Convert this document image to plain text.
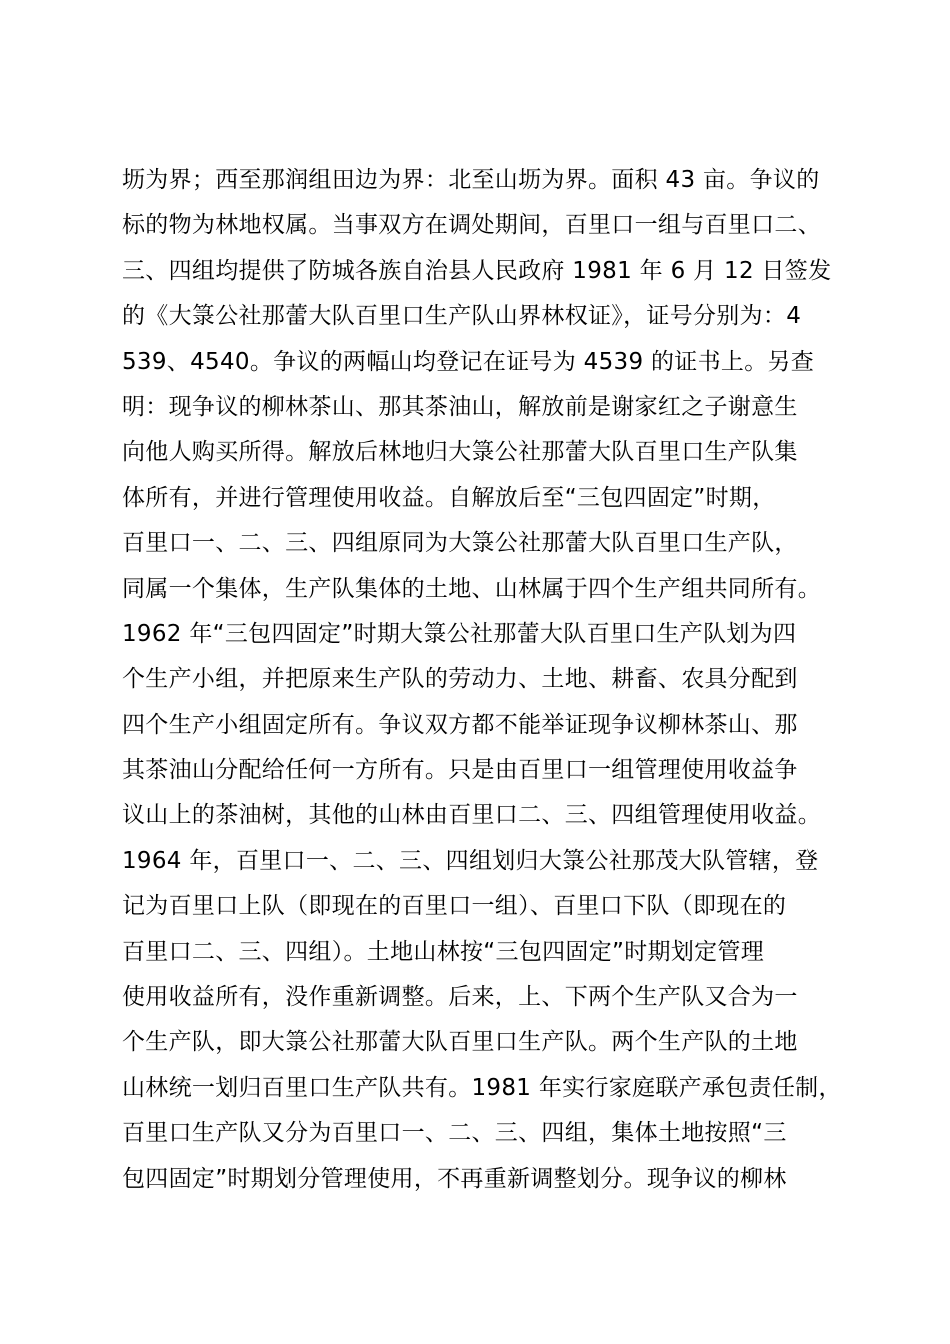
坜为界；西至那润组田边为界：北至山坜为界。面积 43 亩。争议的
标的物为林地权属。当事双方在调处期间，百里口一组与百里口二、
三、四组均提供了防城各族自治县人民政府 1981 年 6 月 12 日签发
的《大箓公社那蕾大队百里口生产队山界林权证》，证号分别为：4
539、4540。争议的两幅山均登记在证号为 4539 的证书上。另查
明：现争议的柳林茶山、那其茶油山，解放前是谢家红之子谢意生
向他人购买所得。解放后林地归大箓公社那蕾大队百里口生产队集
体所有，并进行管理使用收益。自解放后至“三包四固定”时期，
百里口一、二、三、四组原同为大箓公社那蕾大队百里口生产队，
同属一个集体，生产队集体的土地、山林属于四个生产组共同所有。
1962 年“三包四固定”时期大箓公社那蕾大队百里口生产队划为四
个生产小组，并把原来生产队的劳动力、土地、耕畜、农具分配到
四个生产小组固定所有。争议双方都不能举证现争议柳林茶山、那
其茶油山分配给任何一方所有。只是由百里口一组管理使用收益争
议山上的茶油树，其他的山林由百里口二、三、四组管理使用收益。
1964 年，百里口一、二、三、四组划归大箓公社那茂大队管辖，登
记为百里口上队（即现在的百里口一组）、百里口下队（即现在的
百里口二、三、四组）。土地山林按“三包四固定”时期划定管理
使用收益所有，没作重新调整。后来，上、下两个生产队又合为一
个生产队，即大箓公社那蕾大队百里口生产队。两个生产队的土地
山林统一划归百里口生产队共有。1981 年实行家庭联产承包责任制，
百里口生产队又分为百里口一、二、三、四组，集体土地按照“三
包四固定”时期划分管理使用，不再重新调整划分。现争议的柳林
